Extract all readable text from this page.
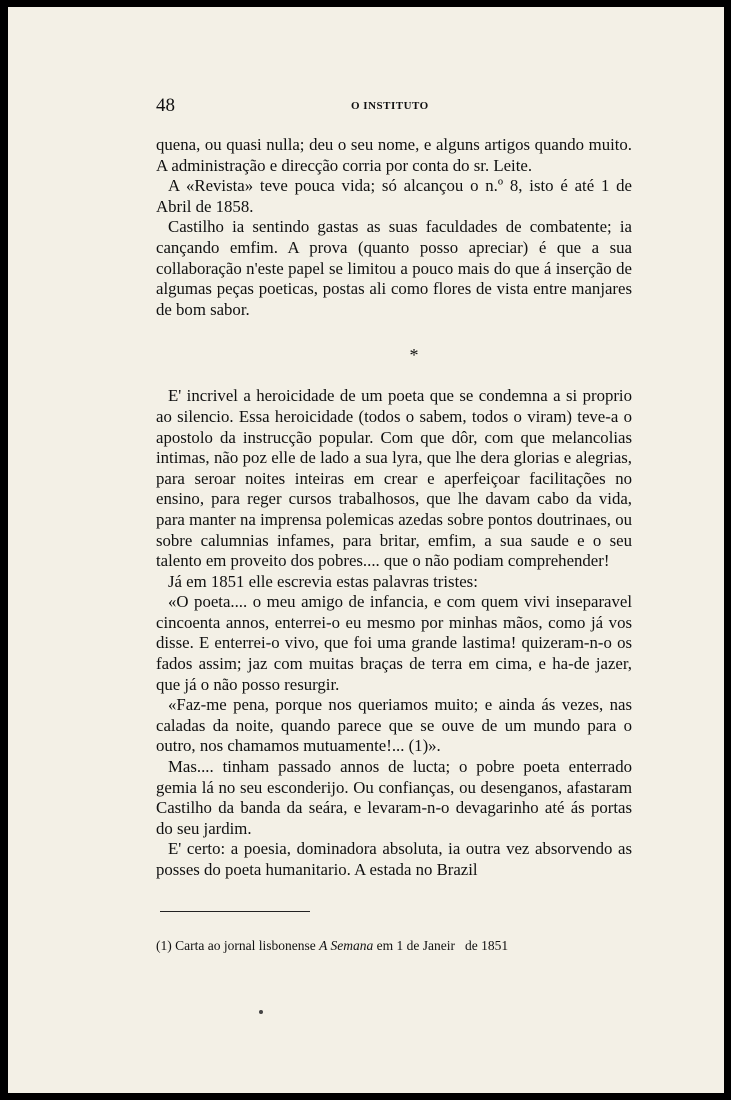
48	O INSTITUTO

quena, ou quasi nulla; deu o seu nome, e alguns artigos quando muito. A administração e direcção corria por conta do sr. Leite.

A «Revista» teve pouca vida; só alcançou o n.º 8, isto é até 1 de Abril de 1858.

Castilho ia sentindo gastas as suas faculdades de combatente; ia cançando emfim. A prova (quanto posso apreciar) é que a sua collaboração n'este papel se limitou a pouco mais do que á inserção de algumas peças poeticas, postas ali como flores de vista entre manjares de bom sabor.

*

E' incrivel a heroicidade de um poeta que se condemna a si proprio ao silencio. Essa heroicidade (todos o sabem, todos o viram) teve-a o apostolo da instrucção popular. Com que dôr, com que melancolias intimas, não poz elle de lado a sua lyra, que lhe dera glorias e alegrias, para seroar noites inteiras em crear e aperfeiçoar facilitações no ensino, para reger cursos trabalhosos, que lhe davam cabo da vida, para manter na imprensa polemicas azedas sobre pontos doutrinaes, ou sobre calumnias infames, para britar, emfim, a sua saude e o seu talento em proveito dos pobres.... que o não podiam comprehender!

Já em 1851 elle escrevia estas palavras tristes:

«O poeta.... o meu amigo de infancia, e com quem vivi inseparavel cincoenta annos, enterrei-o eu mesmo por minhas mãos, como já vos disse. E enterrei-o vivo, que foi uma grande lastima! quizeram-n-o os fados assim; jaz com muitas braças de terra em cima, e ha-de jazer, que já o não posso resurgir.

«Faz-me pena, porque nos queriamos muito; e ainda ás vezes, nas caladas da noite, quando parece que se ouve de um mundo para o outro, nos chamamos mutuamente!... (1)».

Mas.... tinham passado annos de lucta; o pobre poeta enterrado gemia lá no seu esconderijo. Ou confianças, ou desenganos, afastaram Castilho da banda da seára, e levaram-n-o devagarinho até ás portas do seu jardim.

E' certo: a poesia, dominadora absoluta, ia outra vez absorvendo as posses do poeta humanitario. A estada no Brazil

(1) Carta ao jornal lisbonense A Semana em 1 de Janeir   de 1851
